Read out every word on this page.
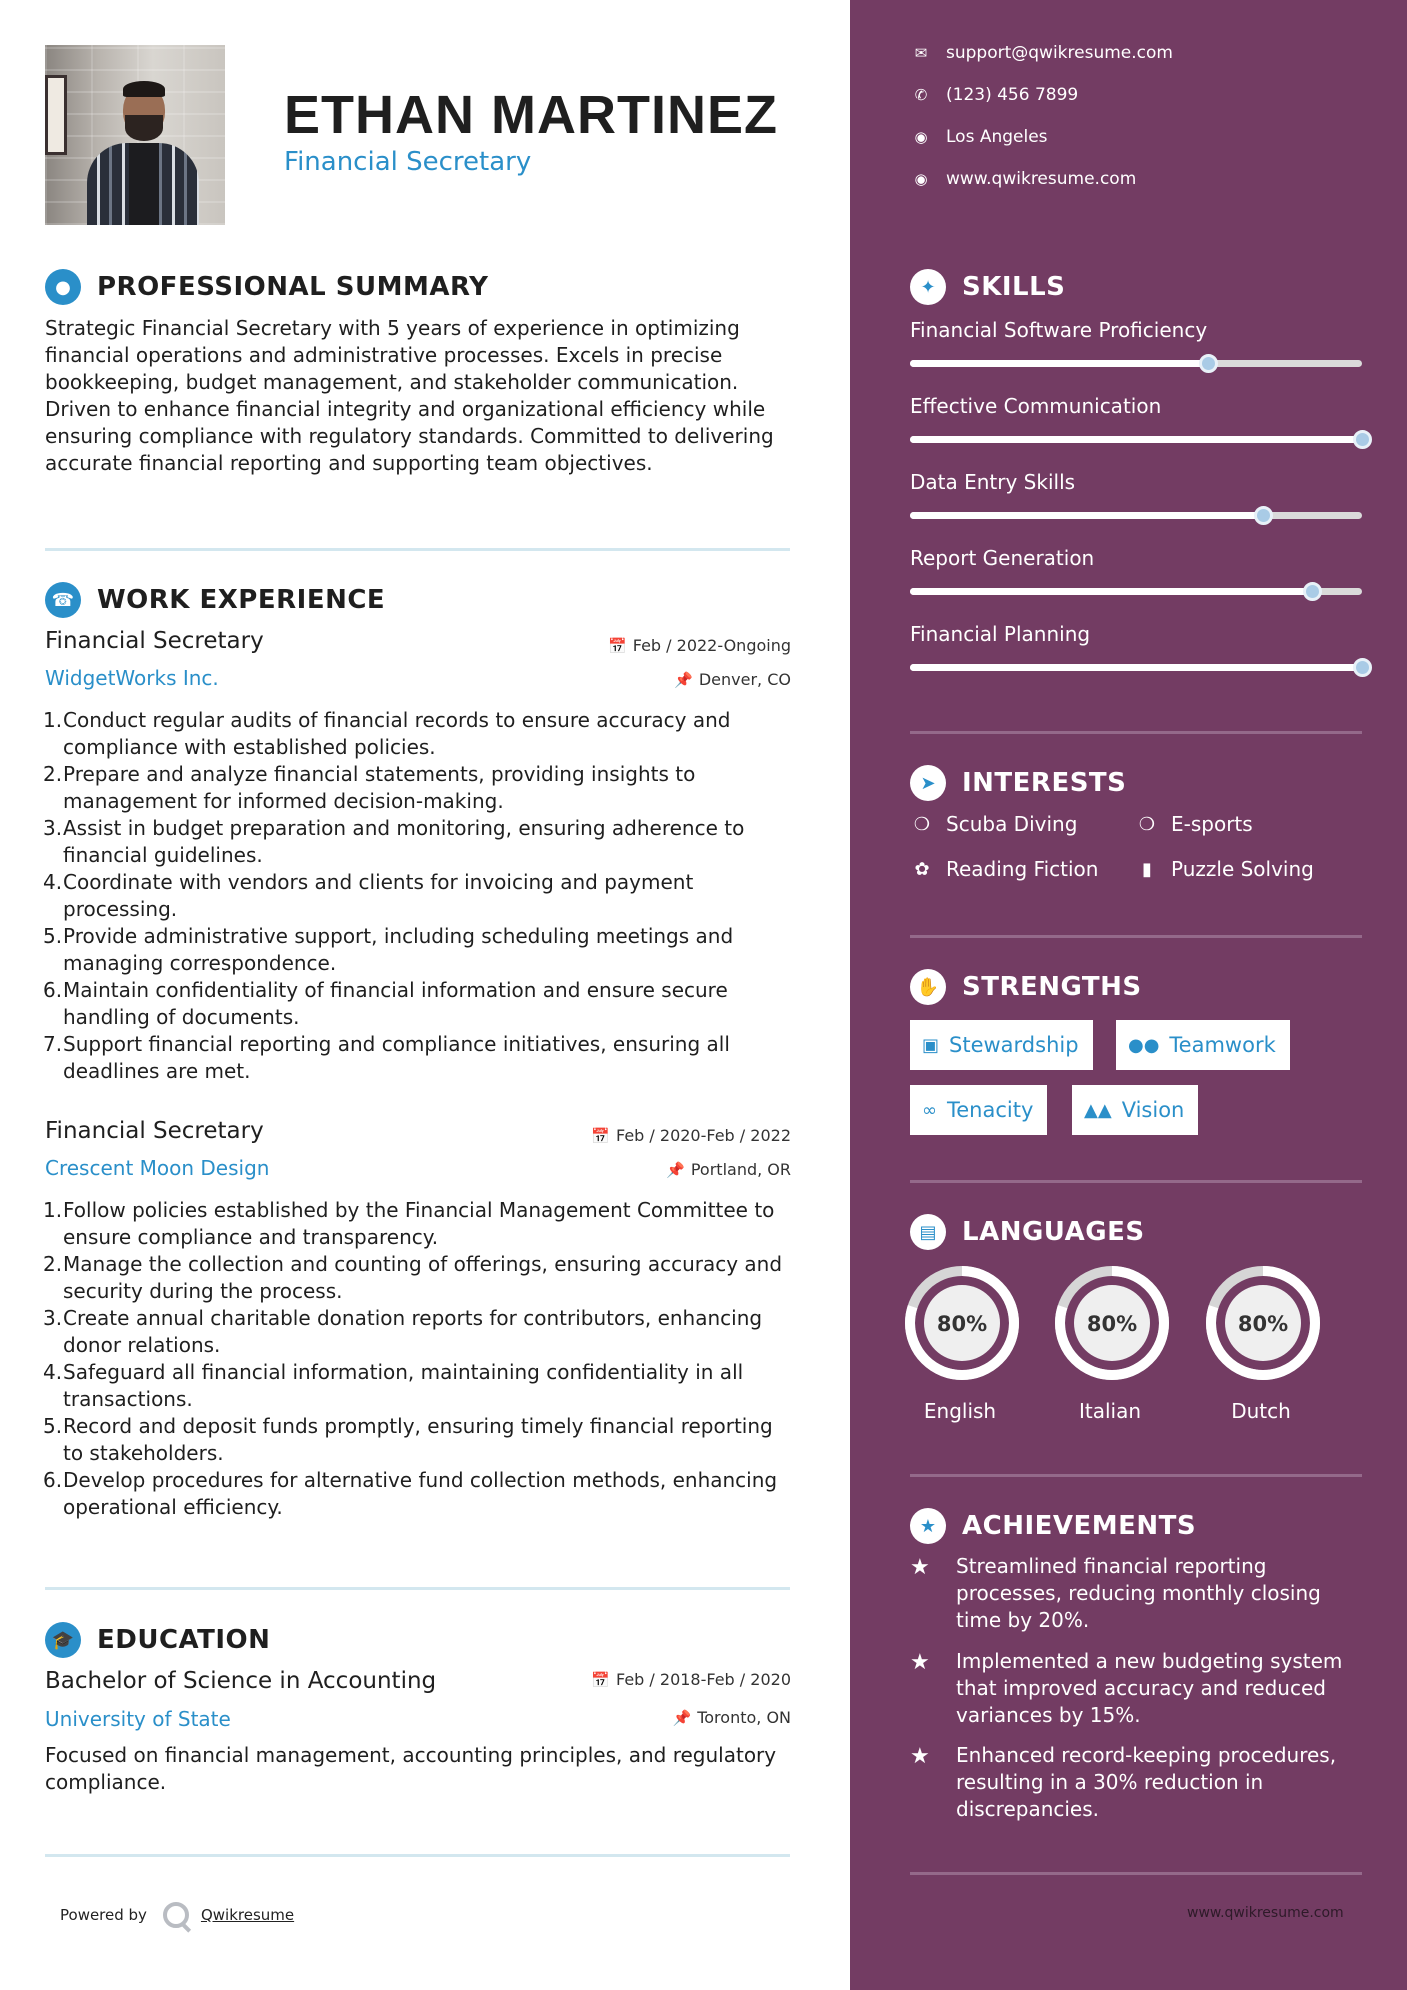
ETHAN MARTINEZ
Financial Secretary
●	PROFESSIONAL SUMMARY
Strategic Financial Secretary with 5 years of experience in optimizing financial operations and administrative processes. Excels in precise bookkeeping, budget management, and stakeholder communication. Driven to enhance financial integrity and organizational efficiency while ensuring compliance with regulatory standards. Committed to delivering accurate financial reporting and supporting team objectives.
☎ WORK EXPERIENCE
Financial Secretary	📅 Feb / 2022-Ongoing
WidgetWorks Inc.	📌 Denver, CO
1. Conduct regular audits of financial records to ensure accuracy and compliance with established policies.
2. Prepare and analyze financial statements, providing insights to management for informed decision-making.
3. Assist in budget preparation and monitoring, ensuring adherence to financial guidelines.
4. Coordinate with vendors and clients for invoicing and payment processing.
5. Provide administrative support, including scheduling meetings and managing correspondence.
6. Maintain confidentiality of financial information and ensure secure handling of documents.
7. Support financial reporting and compliance initiatives, ensuring all deadlines are met.
Financial Secretary	📅 Feb / 2020-Feb / 2022
Crescent Moon Design	📌 Portland, OR
1. Follow policies established by the Financial Management Committee to ensure compliance and transparency.
2. Manage the collection and counting of offerings, ensuring accuracy and security during the process.
3. Create annual charitable donation reports for contributors, enhancing donor relations.
4. Safeguard all financial information, maintaining confidentiality in all transactions.
5. Record and deposit funds promptly, ensuring timely financial reporting to stakeholders.
6. Develop procedures for alternative fund collection methods, enhancing operational efficiency.
🎓 EDUCATION
Bachelor of Science in Accounting	📅 Feb / 2018-Feb / 2020
University of State	📌 Toronto, ON
Focused on financial management, accounting principles, and regulatory compliance.
Powered by	Qwikresume
✉ support@qwikresume.com
✆ (123) 456 7899
◉ Los Angeles
◉ www.qwikresume.com
✦	SKILLS
Financial Software Proficiency
Effective Communication
Data Entry Skills
Report Generation
Financial Planning
➤	INTERESTS
❍ Scuba Diving	❍ E-sports
✿ Reading Fiction	▮ Puzzle Solving
✋ STRENGTHS
▣ Stewardship	●● Teamwork
∞ Tenacity	▲▲ Vision
▤ LANGUAGES
80%
English
80%
Italian
80%
Dutch
★ ACHIEVEMENTS
★	Streamlined financial reporting processes, reducing monthly closing time by 20%.
★	Implemented a new budgeting system that improved accuracy and reduced variances by 15%.
★	Enhanced record-keeping procedures, resulting in a 30% reduction in discrepancies.
www.qwikresume.com
